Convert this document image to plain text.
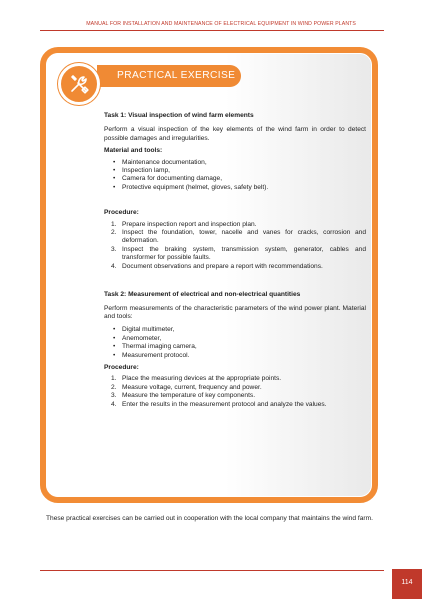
MANUAL FOR INSTALLATION AND MAINTENANCE OF ELECTRICAL EQUIPMENT IN WIND POWER PLANTS
PRACTICAL EXERCISE

Task 1: Visual inspection of wind farm elements

Perform a visual inspection of the key elements of the wind farm in order to detect possible damages and irregularities.

Material and tools:

• Maintenance documentation,
• Inspection lamp,
• Camera for documenting damage,
• Protective equipment (helmet, gloves, safety belt).

Procedure:

1. Prepare inspection report and inspection plan.
2. Inspect the foundation, tower, nacelle and vanes for cracks, corrosion and deformation.
3. Inspect the braking system, transmission system, generator, cables and transformer for possible faults.
4. Document observations and prepare a report with recommendations.

Task 2: Measurement of electrical and non-electrical quantities

Perform measurements of the characteristic parameters of the wind power plant. Material and tools:

• Digital multimeter,
• Anemometer,
• Thermal imaging camera,
• Measurement protocol.

Procedure:

1. Place the measuring devices at the appropriate points.
2. Measure voltage, current, frequency and power.
3. Measure the temperature of key components.
4. Enter the results in the measurement protocol and analyze the values.
These practical exercises can be carried out in cooperation with the local company that maintains the wind farm.
114
